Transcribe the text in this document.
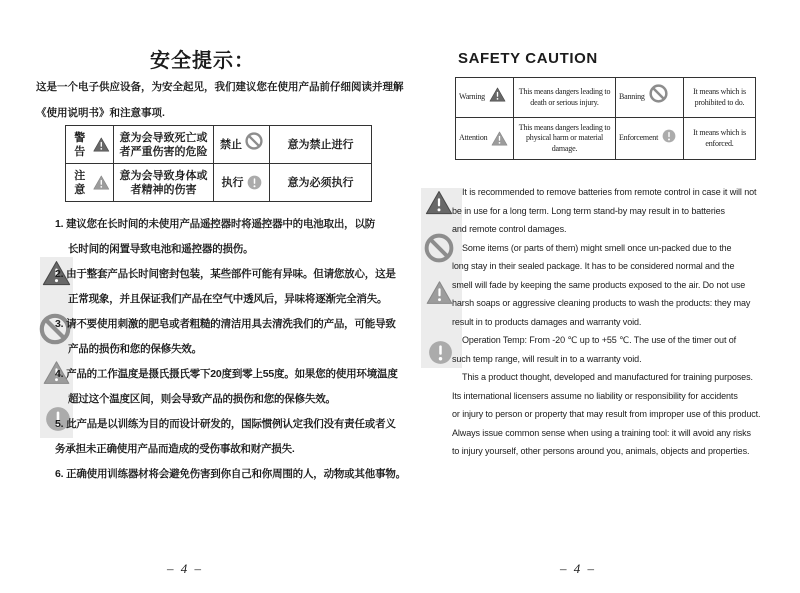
安全提示：
这是一个电子供应设备，为安全起见，我们建议您在使用产品前仔细阅读并理解
《使用说明书》和注意事项.
警告	意为会导致死亡或者严重伤害的危险	禁止	意为禁止进行

注意	意为会导致身体或者精神的伤害	执行	意为必须执行
1. 建议您在长时间的未使用产品遥控器时将遥控器中的电池取出，以防
长时间的闲置导致电池和遥控器的损伤。
2. 由于整套产品长时间密封包装，某些部件可能有异味。但请您放心，这是
正常现象，并且保证我们产品在空气中透风后，异味将逐渐完全消失。
3. 请不要使用刺激的肥皂或者粗糙的清洁用具去清洗我们的产品，可能导致
产品的损伤和您的保修失效。
4. 产品的工作温度是摄氏摄氏零下20度到零上55度。如果您的使用环境温度
超过这个温度区间，则会导致产品的损伤和您的保修失效。
5. 此产品是以训练为目的而设计研发的，国际惯例认定我们没有责任或者义
务承担未正确使用产品而造成的受伤事故和财产损失.
6. 正确使用训练器材将会避免伤害到你自己和你周围的人，动物或其他事物。
– 4 –
SAFETY CAUTION
Warning	This means dangers leading to death or serious injury.	Banning	It means which is prohibited to do.

Attention	This means dangers leading to physical harm or material damage.	Enforcement	It means which is enforced.
It is recommended to remove batteries from remote control in case it will not
be in use for a long term. Long term stand-by may result in to batteries
and remote control damages.
Some items (or parts of them) might smell once un-packed due to the
long stay in their sealed package. It has to be considered normal and the
smell will fade by keeping the same products exposed to the air. Do not use
harsh soaps or aggressive cleaning products to wash the products: they may
result in to products damages and warranty void.
Operation Temp: From -20 ℃ up to +55 ℃. The use of the timer out of
such temp range, will result in to a warranty void.
This a product thought, developed and manufactured for training purposes.
Its international licensers assume no liability or responsibility for accidents
or injury to person or property that may result from improper use of this product.
Always issue common sense when using a training tool: it will avoid any risks
to injury yourself, other persons around you, animals, objects and properties.
– 4 –
